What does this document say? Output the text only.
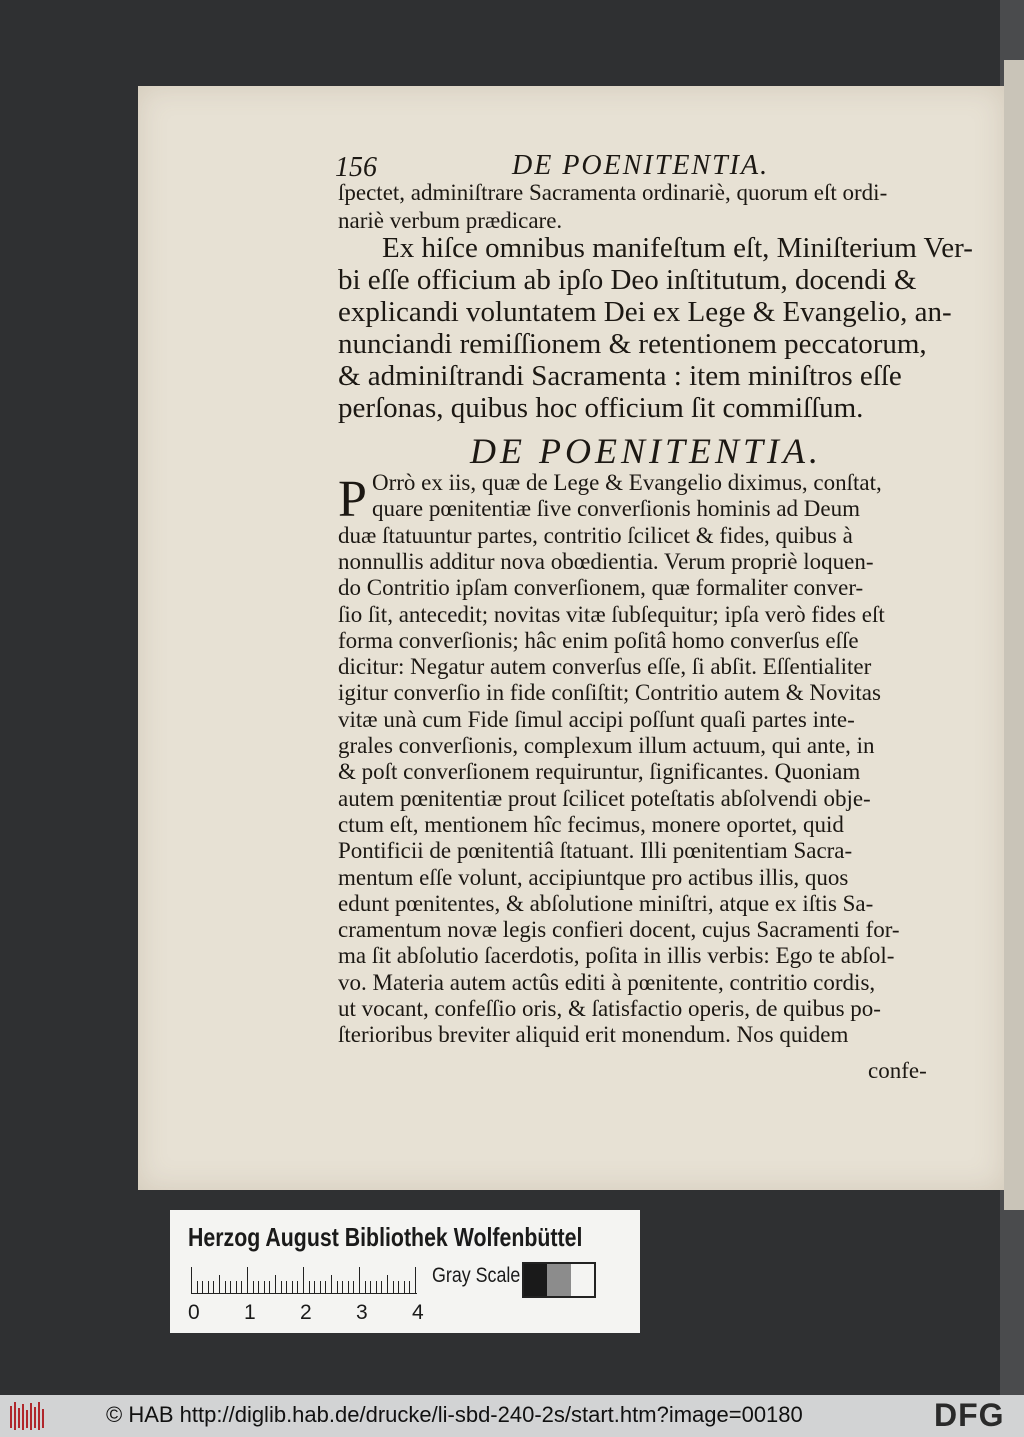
156	DE POENITENTIA.
ſpectet, adminiſtrare Sacramenta ordinariè, quorum eſt ordi-
nariè verbum prædicare.
Ex hiſce omnibus manifeſtum eſt, Miniſterium Ver-
bi eſſe officium ab ipſo Deo inſtitutum, docendi &
explicandi voluntatem Dei ex Lege & Evangelio, an-
nunciandi remiſſionem & retentionem peccatorum,
& adminiſtrandi Sacramenta : item miniſtros eſſe
perſonas, quibus hoc officium ſit commiſſum.
DE POENITENTIA.
P Orrò ex iis, quæ de Lege & Evangelio diximus, conſtat,
quare pœnitentiæ ſive converſionis hominis ad Deum
duæ ſtatuuntur partes, contritio ſcilicet & fides, quibus à
nonnullis additur nova obœdientia. Verum propriè loquen-
do Contritio ipſam converſionem, quæ formaliter conver-
ſio ſit, antecedit; novitas vitæ ſubſequitur; ipſa verò fides eſt
forma converſionis; hâc enim poſitâ homo converſus eſſe
dicitur: Negatur autem converſus eſſe, ſi abſit. Eſſentialiter
igitur converſio in fide conſiſtit; Contritio autem & Novitas
vitæ unà cum Fide ſimul accipi poſſunt quaſi partes inte-
grales converſionis, complexum illum actuum, qui ante, in
& poſt converſionem requiruntur, ſignificantes. Quoniam
autem pœnitentiæ prout ſcilicet poteſtatis abſolvendi obje-
ctum eſt, mentionem hîc fecimus, monere oportet, quid
Pontificii de pœnitentiâ ſtatuant. Illi pœnitentiam Sacra-
mentum eſſe volunt, accipiuntque pro actibus illis, quos
edunt pœnitentes, & abſolutione miniſtri, atque ex iſtis Sa-
cramentum novæ legis confieri docent, cujus Sacramenti for-
ma ſit abſolutio ſacerdotis, poſita in illis verbis: Ego te abſol-
vo. Materia autem actûs editi à pœnitente, contritio cordis,
ut vocant, confeſſio oris, & ſatisfactio operis, de quibus po-
ſterioribus breviter aliquid erit monendum. Nos quidem
confe-
Herzog August Bibliothek Wolfenbüttel
0 1 2 3 4
Gray Scale
© HAB http://diglib.hab.de/drucke/li-sbd-240-2s/start.htm?image=00180	DFG
